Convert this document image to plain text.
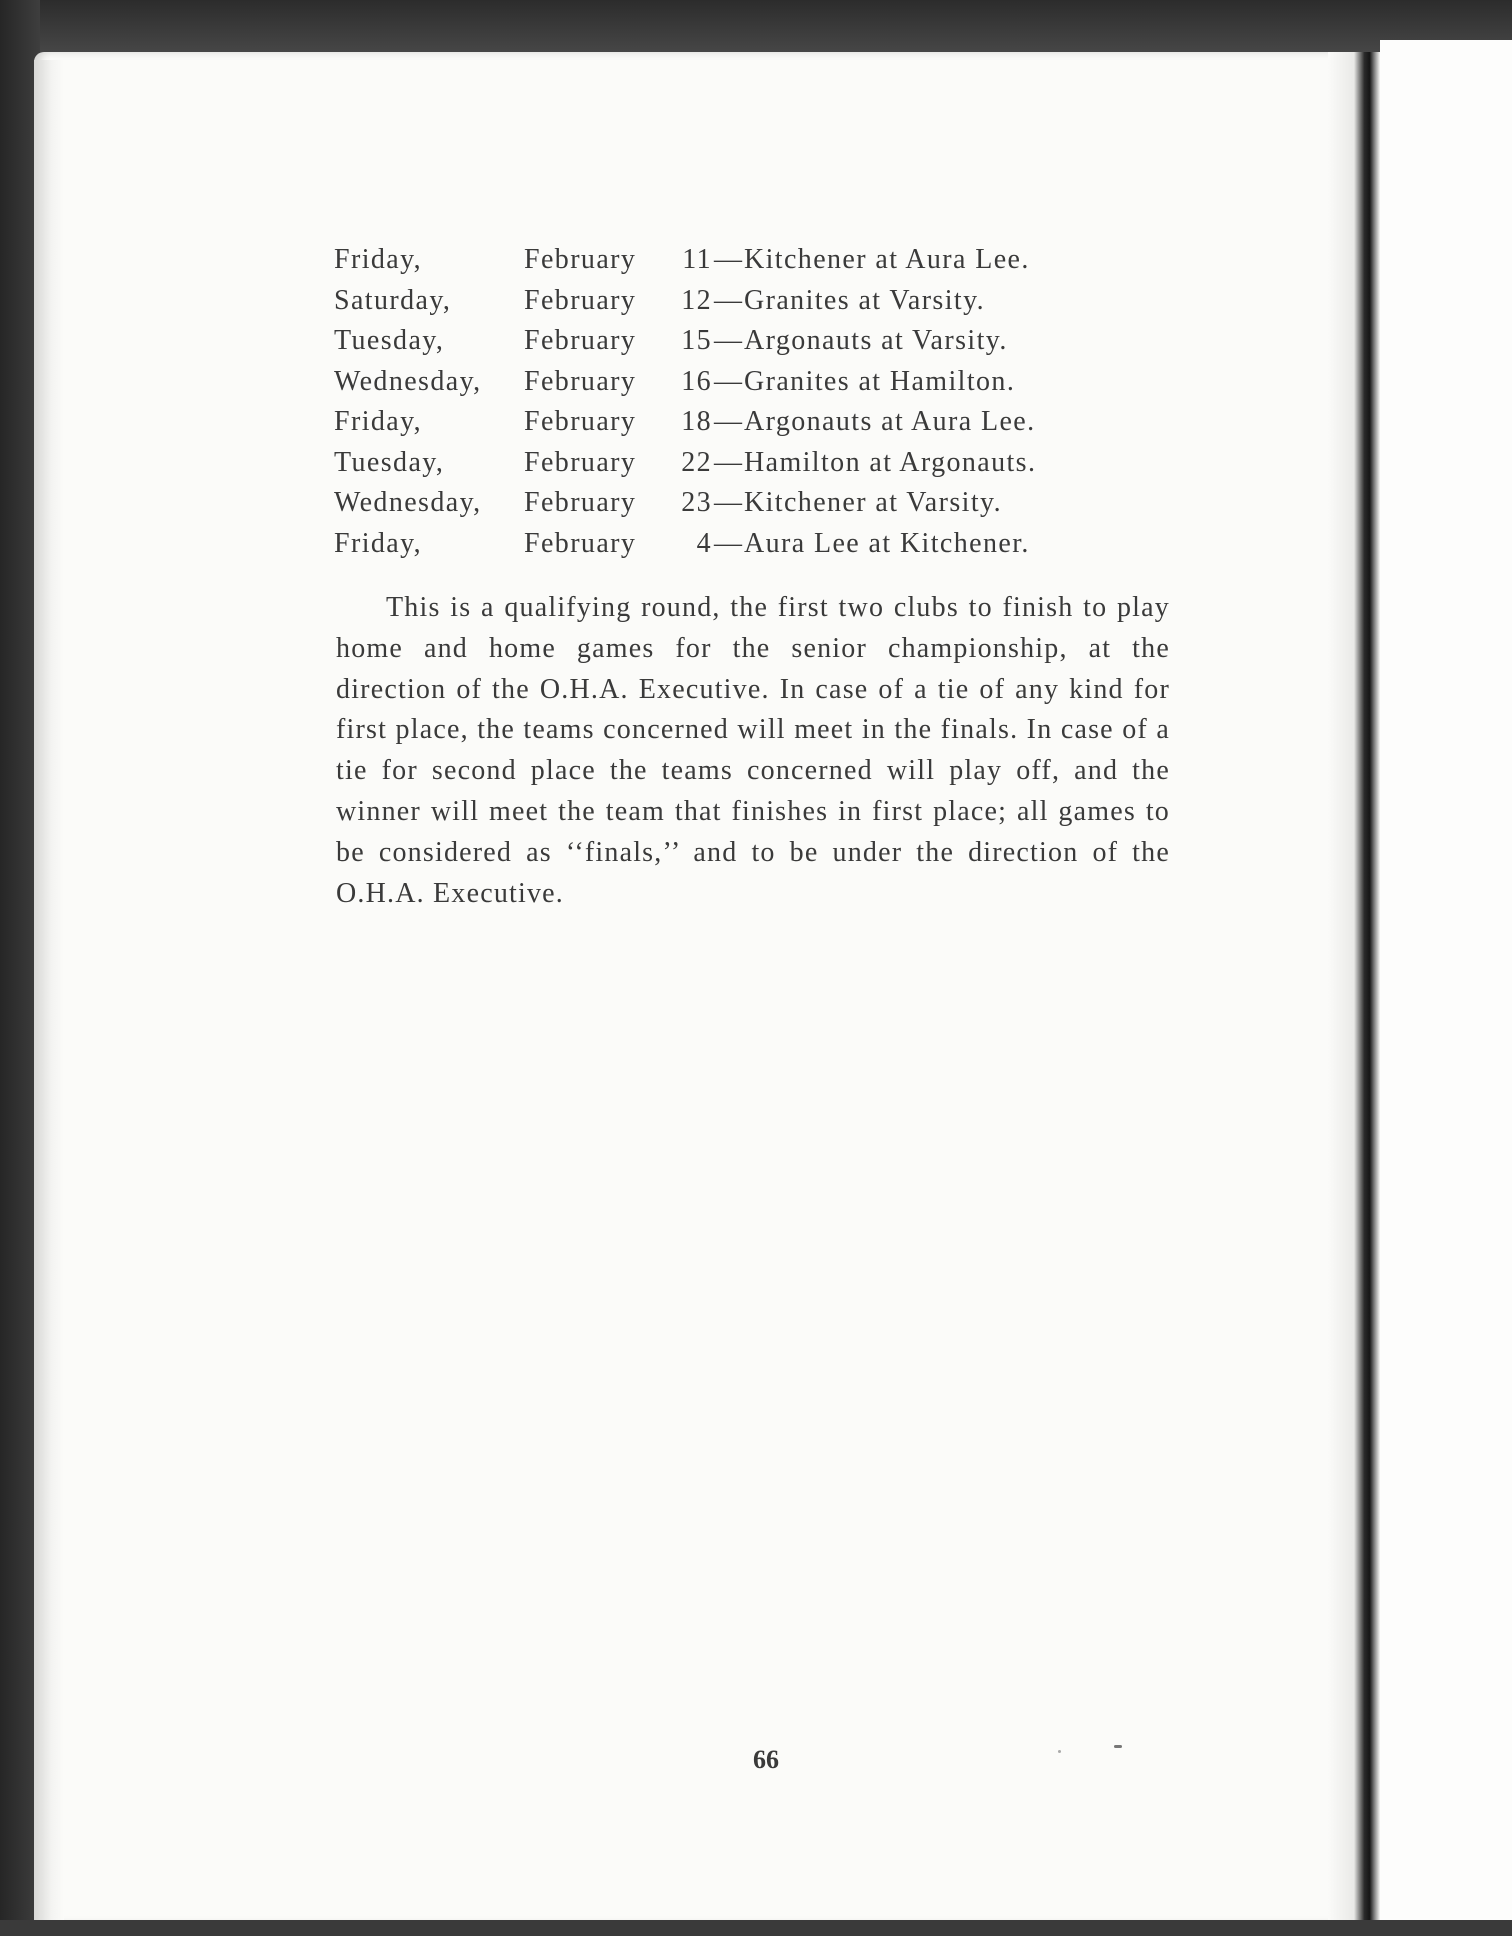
Friday,	February	11 — Kitchener at Aura Lee.
Saturday,	February	12 — Granites at Varsity.
Tuesday,	February	15 — Argonauts at Varsity.
Wednesday, February	16 — Granites at Hamilton.
Friday,	February	18 — Argonauts at Aura Lee.
Tuesday,	February	22 — Hamilton at Argonauts.
Wednesday, February	23 — Kitchener at Varsity.
Friday,	February	4 — Aura Lee at Kitchener.

This is a qualifying round, the first two clubs to finish to play home and home games for the senior championship, at the direction of the O.H.A. Executive. In case of a tie of any kind for first place, the teams concerned will meet in the finals. In case of a tie for second place the teams concerned will play off, and the winner will meet the team that finishes in first place; all games to be considered as ‘‘finals,’’ and to be under the direction of the O.H.A. Executive.

66
